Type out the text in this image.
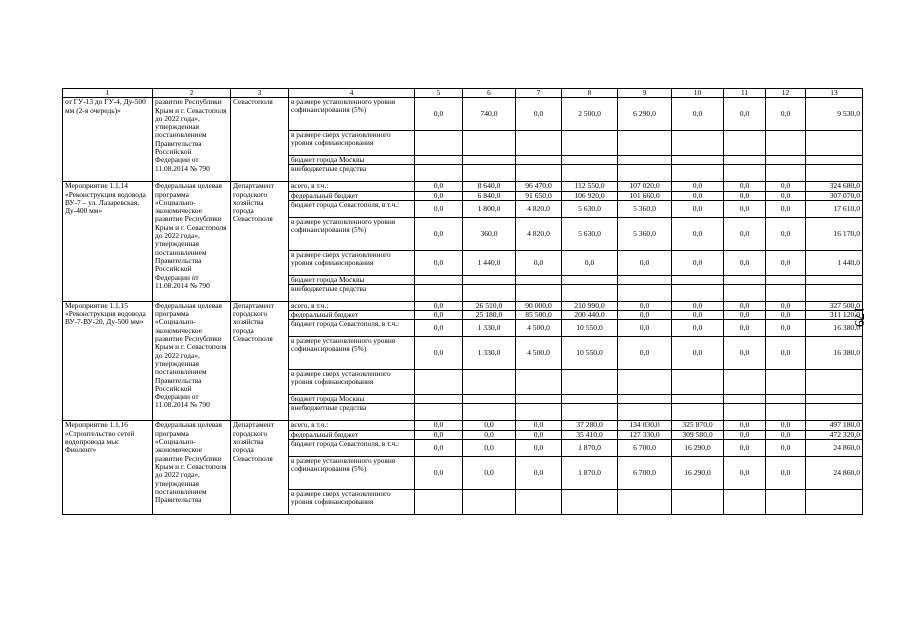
1	2	3	4	5	6	7	8	9	10	11	12	13
от ГУ-13 до ГУ-4, Ду-500 мм (2-я очередь)»	развитие Республики Крым и г. Севастополя до 2022 года», утвержденная постановлением Правительства Российской Федерации от 11.08.2014 № 790	Севастополя	в размере установленного уровня софинансирования (5%)	0,0	740,0	0,0	2 500,0	6 290,0	0,0	0,0	0,0	9 530,0
			в размере сверх установленного уровня софинансирования									
			бюджет города Москвы									
			внебюджетные средства									
Мероприятие 1.1.14 «Реконструкция водовода ВУ-7 – ул. Лазаревская, Ду-400 мм»	Федеральная целевая программа «Социально-экономическое развитие Республики Крым и г. Севастополя до 2022 года», утвержденная постановлением Правительства Российской Федерации от 11.08.2014 № 790	Департамент городского хозяйства города Севастополя	всего, в т.ч.:	0,0	8 640,0	96 470,0	112 550,0	107 020,0	0,0	0,0	0,0	324 680,0
			федеральный бюджет	0,0	6 840,0	91 650,0	106 920,0	101 660,0	0,0	0,0	0,0	307 070,0
			бюджет города Севастополя, в т.ч.:	0,0	1 800,0	4 820,0	5 630,0	5 360,0	0,0	0,0	0,0	17 610,0
			в размере установленного уровня софинансирования (5%)	0,0	360,0	4 820,0	5 630,0	5 360,0	0,0	0,0	0,0	16 170,0
			в размере сверх установленного уровня софинансирования	0,0	1 440,0	0,0	0,0	0,0	0,0	0,0	0,0	1 440,0
			бюджет города Москвы									
			внебюджетные средства									
Мероприятие 1.1.15 «Реконструкция водовода ВУ-7-ВУ-20, Ду-500 мм»	Федеральная целевая программа «Социально-экономическое развитие Республики Крым и г. Севастополя до 2022 года», утвержденная постановлением Правительства Российской Федерации от 11.08.2014 № 790	Департамент городского хозяйства города Севастополя	всего, в т.ч.:	0,0	26 510,0	90 000,0	210 990,0	0,0	0,0	0,0	0,0	327 500,0
			федеральный бюджет	0,0	25 180,0	85 500,0	200 440,0	0,0	0,0	0,0	0,0	311 120,0
			бюджет города Севастополя, в т.ч.:	0,0	1 330,0	4 500,0	10 550,0	0,0	0,0	0,0	0,0	16 380,0
			в размере установленного уровня софинансирования (5%)	0,0	1 330,0	4 500,0	10 550,0	0,0	0,0	0,0	0,0	16 380,0
			в размере сверх установленного уровня софинансирования									
			бюджет города Москвы									
			внебюджетные средства									
Мероприятие 1.1.16 «Строительство сетей водопровода мыс Фиолент»	Федеральная целевая программа «Социально-экономическое развитие Республики Крым и г. Севастополя до 2022 года», утвержденная постановлением Правительства	Департамент городского хозяйства города Севастополя	всего, в т.ч.:	0,0	0,0	0,0	37 280,0	134 030,0	325 870,0	0,0	0,0	497 180,0
			федеральный бюджет	0,0	0,0	0,0	35 410,0	127 330,0	309 580,0	0,0	0,0	472 320,0
			бюджет города Севастополя, в т.ч.:	0,0	0,0	0,0	1 870,0	6 700,0	16 290,0	0,0	0,0	24 860,0
			в размере установленного уровня софинансирования (5%)	0,0	0,0	0,0	1 870,0	6 700,0	16 290,0	0,0	0,0	24 860,0
			в размере сверх установленного уровня софинансирования									
179
